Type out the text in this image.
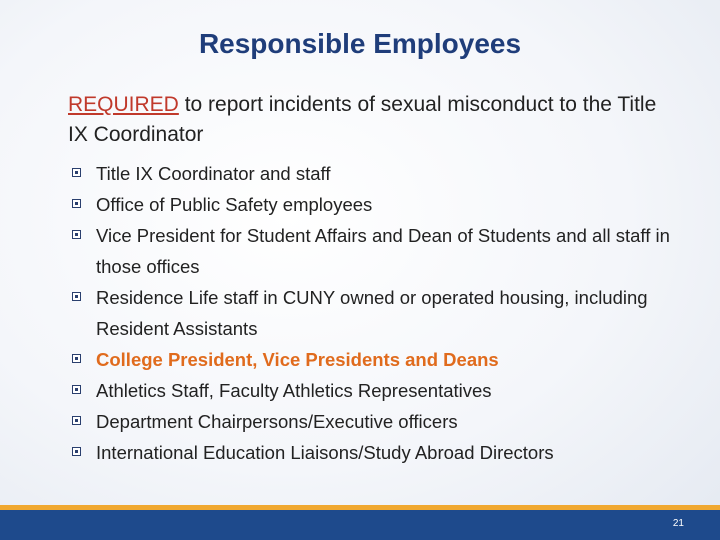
Responsible Employees
REQUIRED to report incidents of sexual misconduct to the Title IX Coordinator
Title IX Coordinator and staff
Office of Public Safety employees
Vice President for Student Affairs and Dean of Students and all staff in those offices
Residence Life staff in CUNY owned or operated housing, including Resident Assistants
College President, Vice Presidents and Deans
Athletics Staff, Faculty Athletics Representatives
Department Chairpersons/Executive officers
International Education Liaisons/Study Abroad Directors
21
